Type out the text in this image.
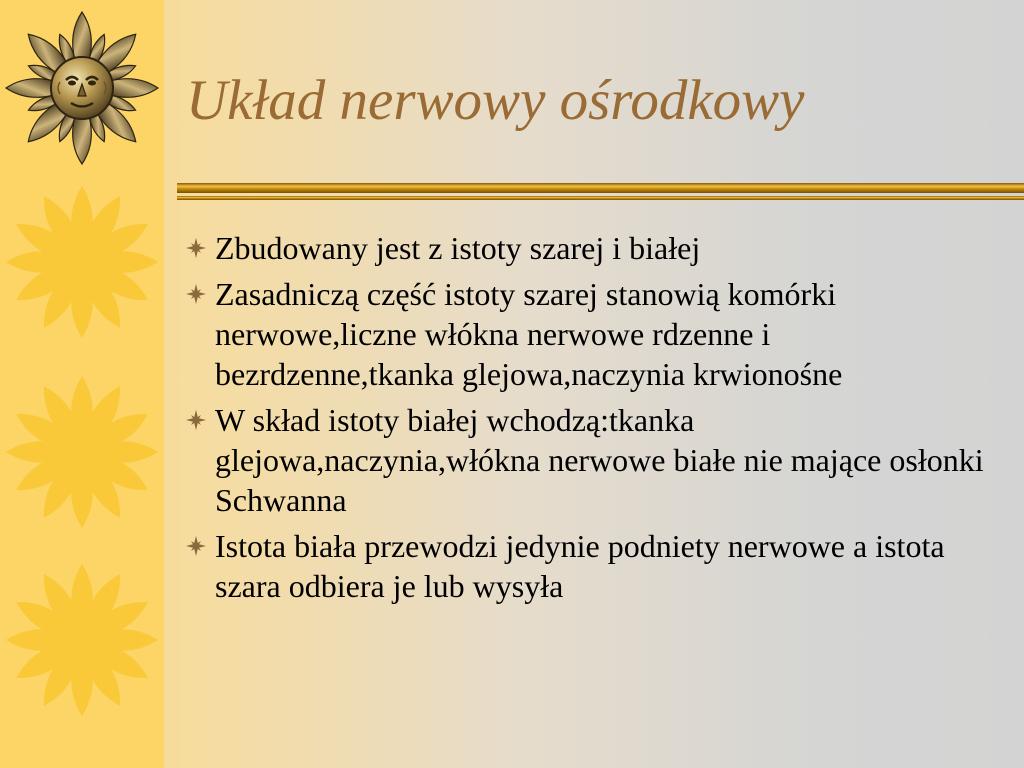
Układ nerwowy ośrodkowy
Zbudowany jest z istoty szarej i białej
Zasadniczą część istoty szarej stanowią komórki nerwowe,liczne włókna nerwowe rdzenne i bezrdzenne,tkanka glejowa,naczynia krwionośne
W skład istoty białej wchodzą:tkanka glejowa,naczynia,włókna nerwowe białe nie mające osłonki Schwanna
Istota biała przewodzi jedynie podniety nerwowe a istota szara odbiera je lub wysyła
